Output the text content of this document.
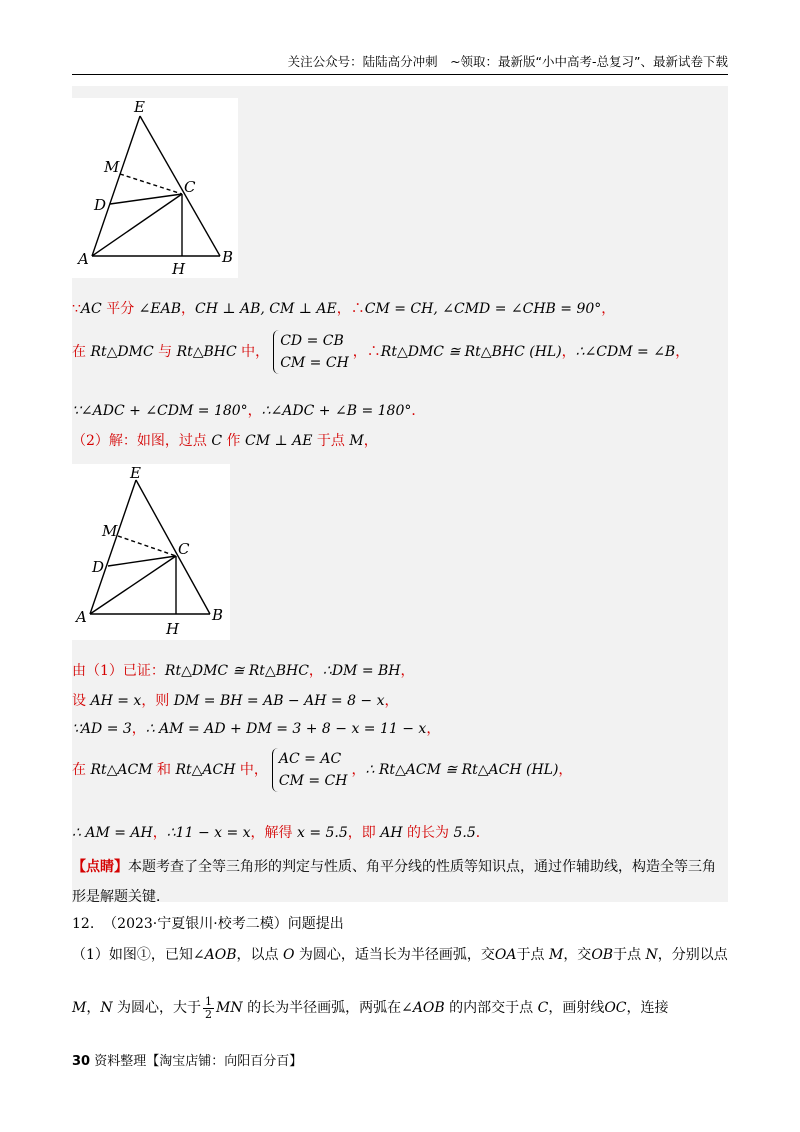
关注公众号：陆陆高分冲刺　~领取：最新版“小中高考-总复习”、最新试卷下载
E
M
D
C
A
H
B
∵AC 平分 ∠EAB，CH ⊥ AB, CM ⊥ AE，∴CM = CH, ∠CMD = ∠CHB = 90°，
在 Rt△DMC 与 Rt△BHC 中，CD = CB
CM = CH，∴Rt△DMC ≅ Rt△BHC (HL)，∴∠CDM = ∠B，
∵∠ADC + ∠CDM = 180°，∴∠ADC + ∠B = 180°．
（2）解：如图，过点 C 作 CM ⊥ AE 于点 M，
E
M
D
C
A
H
B
由（1）已证：Rt△DMC ≅ Rt△BHC，∴DM = BH，
设 AH = x，则 DM = BH = AB − AH = 8 − x，
∵AD = 3，∴ AM = AD + DM = 3 + 8 − x = 11 − x，
在 Rt△ACM 和 Rt△ACH 中，AC = AC
CM = CH，∴ Rt△ACM ≅ Rt△ACH (HL)，
∴ AM = AH，∴11 − x = x，解得 x = 5.5，即 AH 的长为 5.5．
【点睛】本题考查了全等三角形的判定与性质、角平分线的性质等知识点，通过作辅助线，构造全等三角形是解题关键．
12. （2023·宁夏银川·校考二模）问题提出
（1）如图①，已知∠AOB，以点 O 为圆心，适当长为半径画弧，交OA于点 M，交OB于点 N，分别以点
M，N 为圆心，大于 $\frac{1}{2}$ MN 的长为半径画弧，两弧在∠AOB 的内部交于点 C，画射线OC，连接
30 资料整理【淘宝店铺：向阳百分百】
